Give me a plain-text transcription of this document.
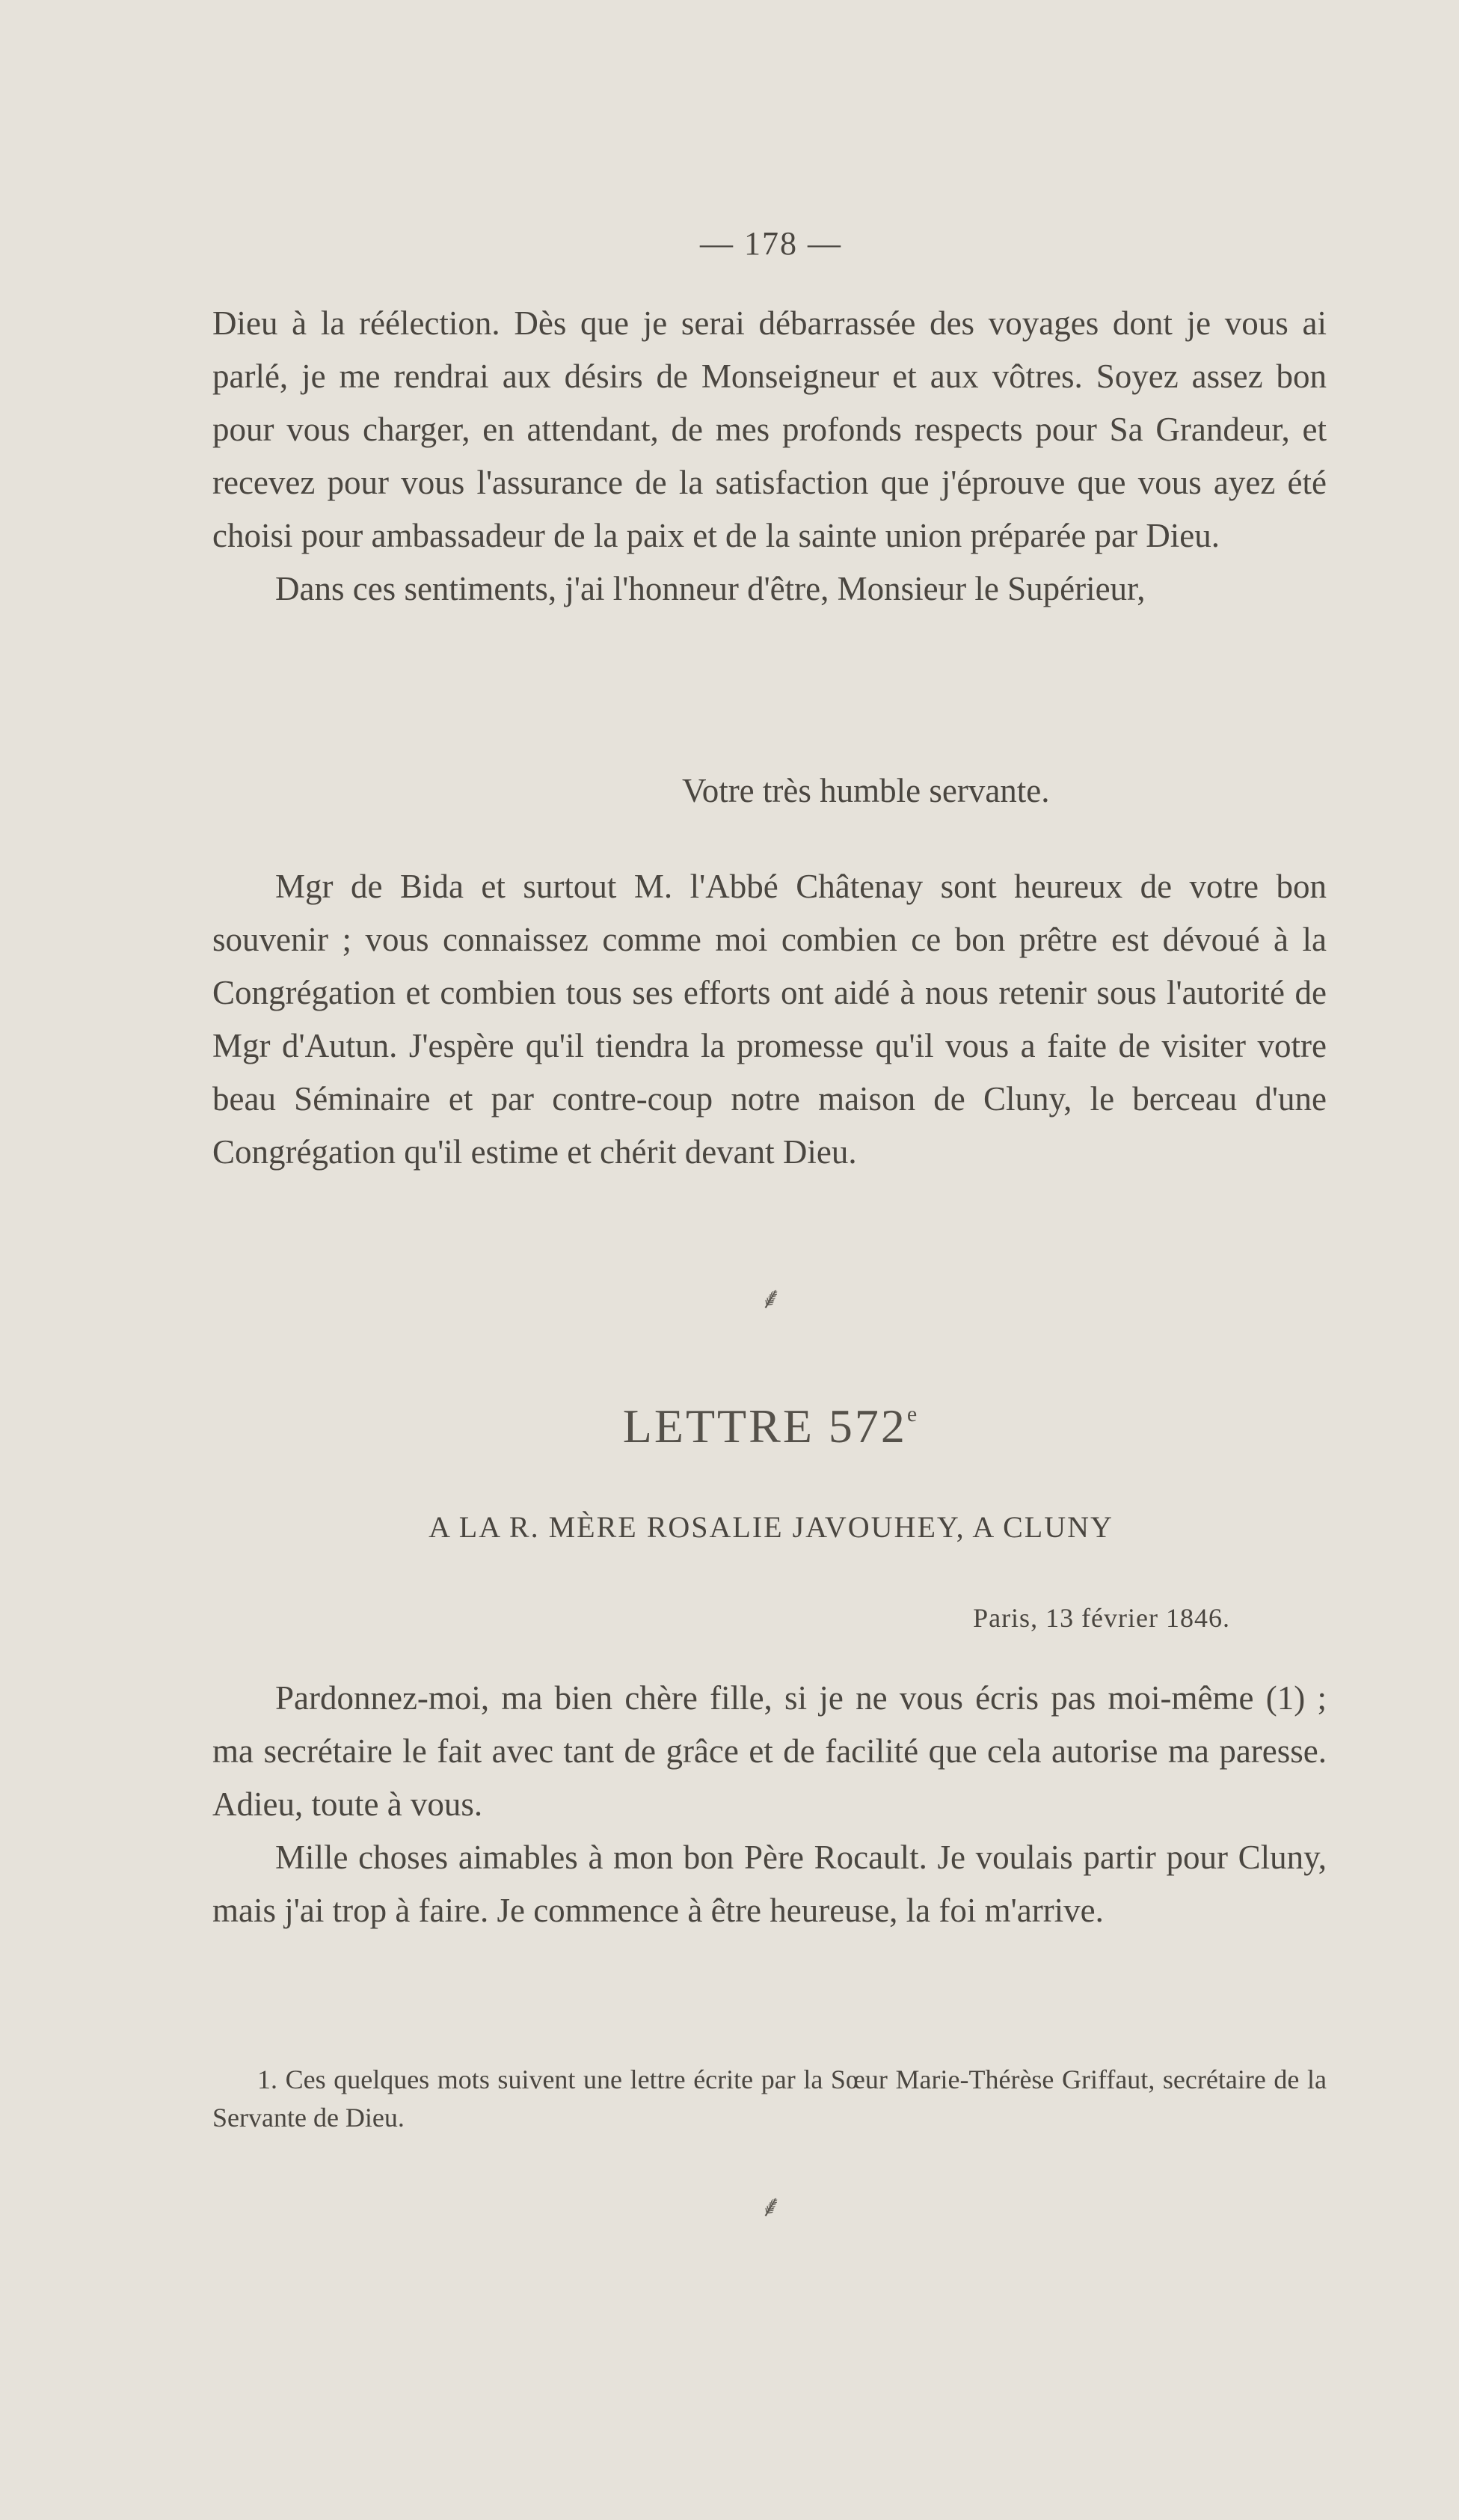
— 178 —

Dieu à la réélection. Dès que je serai débarrassée des voyages dont je vous ai parlé, je me rendrai aux désirs de Monseigneur et aux vôtres. Soyez assez bon pour vous charger, en attendant, de mes profonds respects pour Sa Grandeur, et recevez pour vous l'assurance de la satisfaction que j'éprouve que vous ayez été choisi pour ambassadeur de la paix et de la sainte union préparée par Dieu.

Dans ces sentiments, j'ai l'honneur d'être, Monsieur le Supérieur,

Votre très humble servante.

Mgr de Bida et surtout M. l'Abbé Châtenay sont heureux de votre bon souvenir ; vous connaissez comme moi combien ce bon prêtre est dévoué à la Congrégation et combien tous ses efforts ont aidé à nous retenir sous l'autorité de Mgr d'Autun. J'espère qu'il tiendra la promesse qu'il vous a faite de visiter votre beau Séminaire et par contre-coup notre maison de Cluny, le berceau d'une Congrégation qu'il estime et chérit devant Dieu.

⸙
LETTRE 572e
A LA R. MÈRE ROSALIE JAVOUHEY, A CLUNY
Paris, 13 février 1846.

Pardonnez-moi, ma bien chère fille, si je ne vous écris pas moi-même (1) ; ma secrétaire le fait avec tant de grâce et de facilité que cela autorise ma paresse. Adieu, toute à vous.

Mille choses aimables à mon bon Père Rocault. Je voulais partir pour Cluny, mais j'ai trop à faire. Je commence à être heureuse, la foi m'arrive.

1. Ces quelques mots suivent une lettre écrite par la Sœur Marie-Thérèse Griffaut, secrétaire de la Servante de Dieu.

⸙
